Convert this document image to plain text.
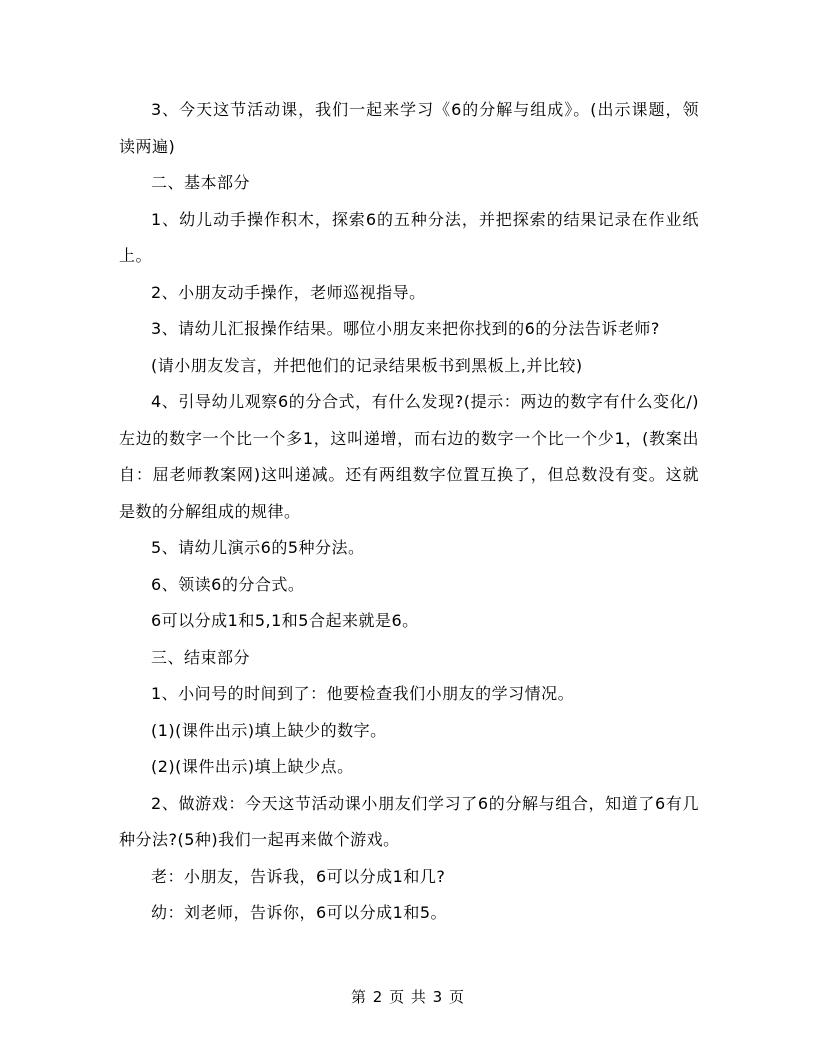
3、今天这节活动课，我们一起来学习《6的分解与组成》。(出示课题，领读两遍)

二、基本部分

1、幼儿动手操作积木，探索6的五种分法，并把探索的结果记录在作业纸上。

2、小朋友动手操作，老师巡视指导。

3、请幼儿汇报操作结果。哪位小朋友来把你找到的6的分法告诉老师?

(请小朋友发言，并把他们的记录结果板书到黑板上,并比较)

4、引导幼儿观察6的分合式，有什么发现?(提示：两边的数字有什么变化/)左边的数字一个比一个多1，这叫递增，而右边的数字一个比一个少1，(教案出自：屈老师教案网)这叫递减。还有两组数字位置互换了，但总数没有变。这就是数的分解组成的规律。

5、请幼儿演示6的5种分法。

6、领读6的分合式。

6可以分成1和5,1和5合起来就是6。

三、结束部分

1、小问号的时间到了：他要检查我们小朋友的学习情况。

(1)(课件出示)填上缺少的数字。

(2)(课件出示)填上缺少点。

2、做游戏：今天这节活动课小朋友们学习了6的分解与组合，知道了6有几种分法?(5种)我们一起再来做个游戏。

老：小朋友，告诉我，6可以分成1和几?

幼：刘老师，告诉你，6可以分成1和5。

第 2 页 共 3 页
